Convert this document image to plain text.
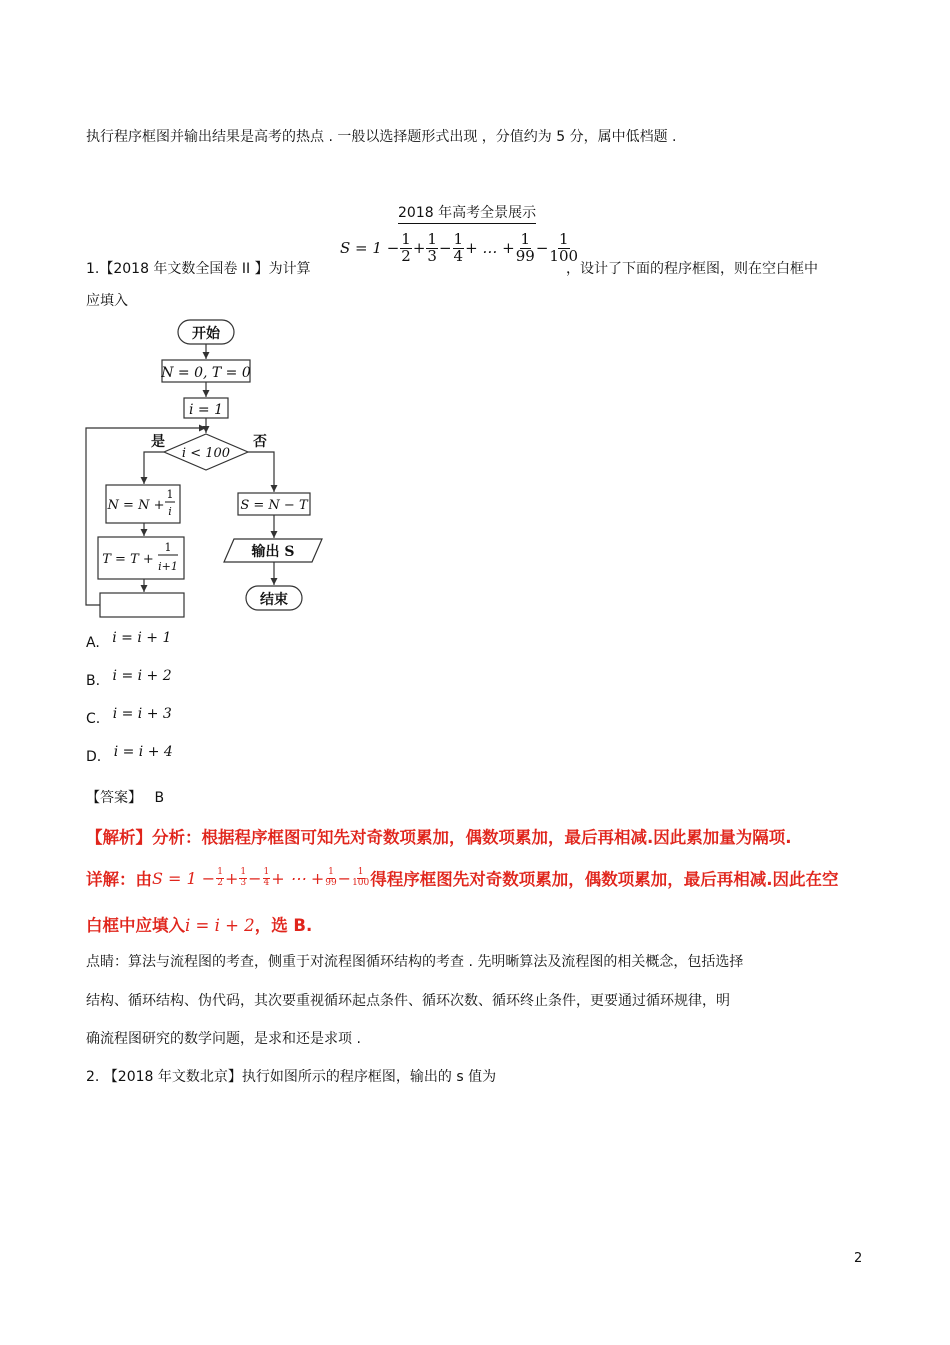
执行程序框图并输出结果是高考的热点 . 一般以选择题形式出现 ，分值约为 5 分，属中低档题 .
2018 年高考全景展示
1.【2018 年文数全国卷 II 】为计算
$S = 1 - \frac{1}{2} + \frac{1}{3} - \frac{1}{4}$ + … + $\frac{1}{99} - \frac{1}{100}$
，设计了下面的程序框图，则在空白框中
应填入
开始
N = 0, T = 0
i = 1
i < 100
是	否
N = N +
1
i
T = T +
1
i+1
S = N − T
输出 S
结束
A. i = i + 1
B. i = i + 2
C. i = i + 3
D. i = i + 4
【答案】 B
【解析】分析：根据程序框图可知先对奇数项累加，偶数项累加，最后再相减.因此累加量为隔项.
详解：由 $S = 1 - \frac{1}{2} + \frac{1}{3} - \frac{1}{4}$ + ⋯ + $\frac{1}{99} - \frac{1}{100}$ 得程序框图先对奇数项累加，偶数项累加，最后再相减.因此在空
白框中应填入i = i + 2，选 B.
点睛：算法与流程图的考查，侧重于对流程图循环结构的考查 . 先明晰算法及流程图的相关概念，包括选择
结构、循环结构、伪代码，其次要重视循环起点条件、循环次数、循环终止条件，更要通过循环规律，明
确流程图研究的数学问题，是求和还是求项 .
2. 【2018 年文数北京】执行如图所示的程序框图，输出的 s 值为
2
